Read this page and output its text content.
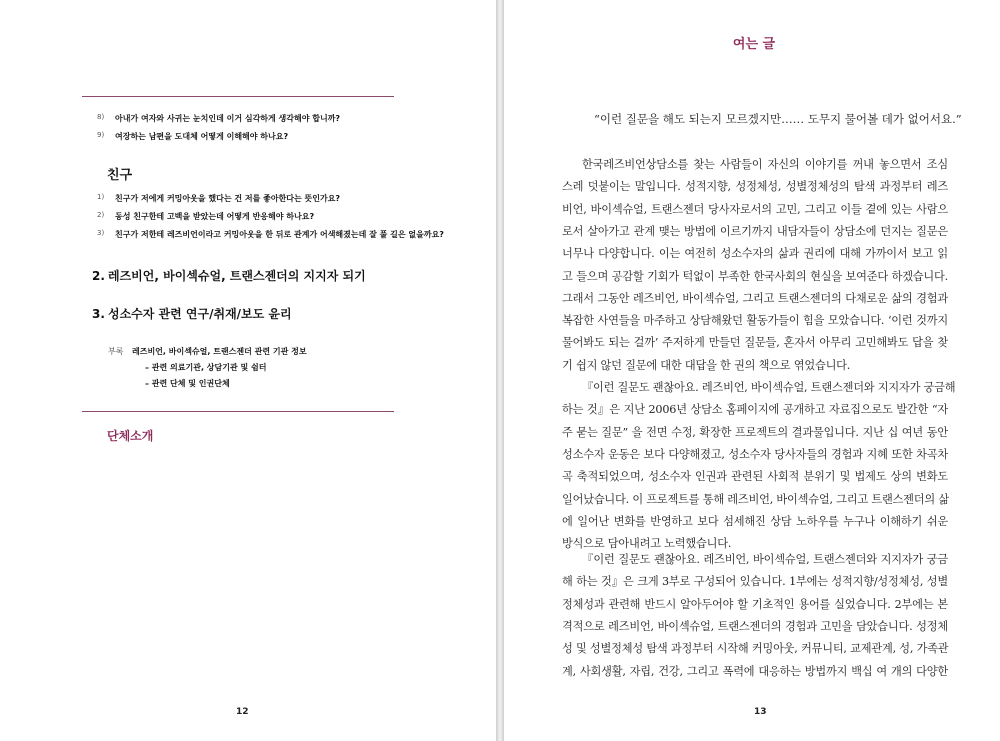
8) 아내가 여자와 사귀는 눈치인데 이거 심각하게 생각해야 합니까?
9) 여장하는 남편을 도대체 어떻게 이해해야 하나요?
친구
1) 친구가 저에게 커밍아웃을 했다는 건 저를 좋아한다는 뜻인가요?
2) 동성 친구한테 고백을 받았는데 어떻게 반응해야 하나요?
3) 친구가 저한테 레즈비언이라고 커밍아웃을 한 뒤로 관계가 어색해졌는데 잘 풀 길은 없을까요?
2. 레즈비언, 바이섹슈얼, 트랜스젠더의 지지자 되기
3. 성소수자 관련 연구/취재/보도 윤리
부록 레즈비언, 바이섹슈얼, 트랜스젠더 관련 기관 정보
– 관련 의료기관, 상담기관 및 쉼터
– 관련 단체 및 인권단체
단체소개
12
여는 글
“이런 질문을 해도 되는지 모르겠지만…… 도무지 물어볼 데가 없어서요.”
한국레즈비언상담소를 찾는 사람들이 자신의 이야기를 꺼내 놓으면서 조심
스레 덧붙이는 말입니다. 성적지향, 성정체성, 성별정체성의 탐색 과정부터 레즈
비언, 바이섹슈얼, 트랜스젠더 당사자로서의 고민, 그리고 이들 곁에 있는 사람으
로서 살아가고 관계 맺는 방법에 이르기까지 내담자들이 상담소에 던지는 질문은
너무나 다양합니다. 이는 여전히 성소수자의 삶과 권리에 대해 가까이서 보고 읽
고 들으며 공감할 기회가 턱없이 부족한 한국사회의 현실을 보여준다 하겠습니다.
그래서 그동안 레즈비언, 바이섹슈얼, 그리고 트랜스젠더의 다채로운 삶의 경험과
복잡한 사연들을 마주하고 상담해왔던 활동가들이 힘을 모았습니다. ‘이런 것까지
물어봐도 되는 걸까’ 주저하게 만들던 질문들, 혼자서 아무리 고민해봐도 답을 찾
기 쉽지 않던 질문에 대한 대답을 한 권의 책으로 엮었습니다.
『이런 질문도 괜찮아요. 레즈비언, 바이섹슈얼, 트랜스젠더와 지지자가 궁금해
하는 것』은 지난 2006년 상담소 홈페이지에 공개하고 자료집으로도 발간한 “자
주 묻는 질문” 을 전면 수정, 확장한 프로젝트의 결과물입니다. 지난 십 여년 동안
성소수자 운동은 보다 다양해졌고, 성소수자 당사자들의 경험과 지혜 또한 차곡차
곡 축적되었으며, 성소수자 인권과 관련된 사회적 분위기 및 법제도 상의 변화도
일어났습니다. 이 프로젝트를 통해 레즈비언, 바이섹슈얼, 그리고 트랜스젠더의 삶
에 일어난 변화를 반영하고 보다 섬세해진 상담 노하우를 누구나 이해하기 쉬운
방식으로 담아내려고 노력했습니다.
『이런 질문도 괜찮아요. 레즈비언, 바이섹슈얼, 트랜스젠더와 지지자가 궁금
해 하는 것』은 크게 3부로 구성되어 있습니다. 1부에는 성적지향/성정체성, 성별
정체성과 관련해 반드시 알아두어야 할 기초적인 용어를 실었습니다. 2부에는 본
격적으로 레즈비언, 바이섹슈얼, 트랜스젠더의 경험과 고민을 담았습니다. 성정체
성 및 성별정체성 탐색 과정부터 시작해 커밍아웃, 커뮤니티, 교제관계, 성, 가족관
계, 사회생활, 자립, 건강, 그리고 폭력에 대응하는 방법까지 백십 여 개의 다양한
13
